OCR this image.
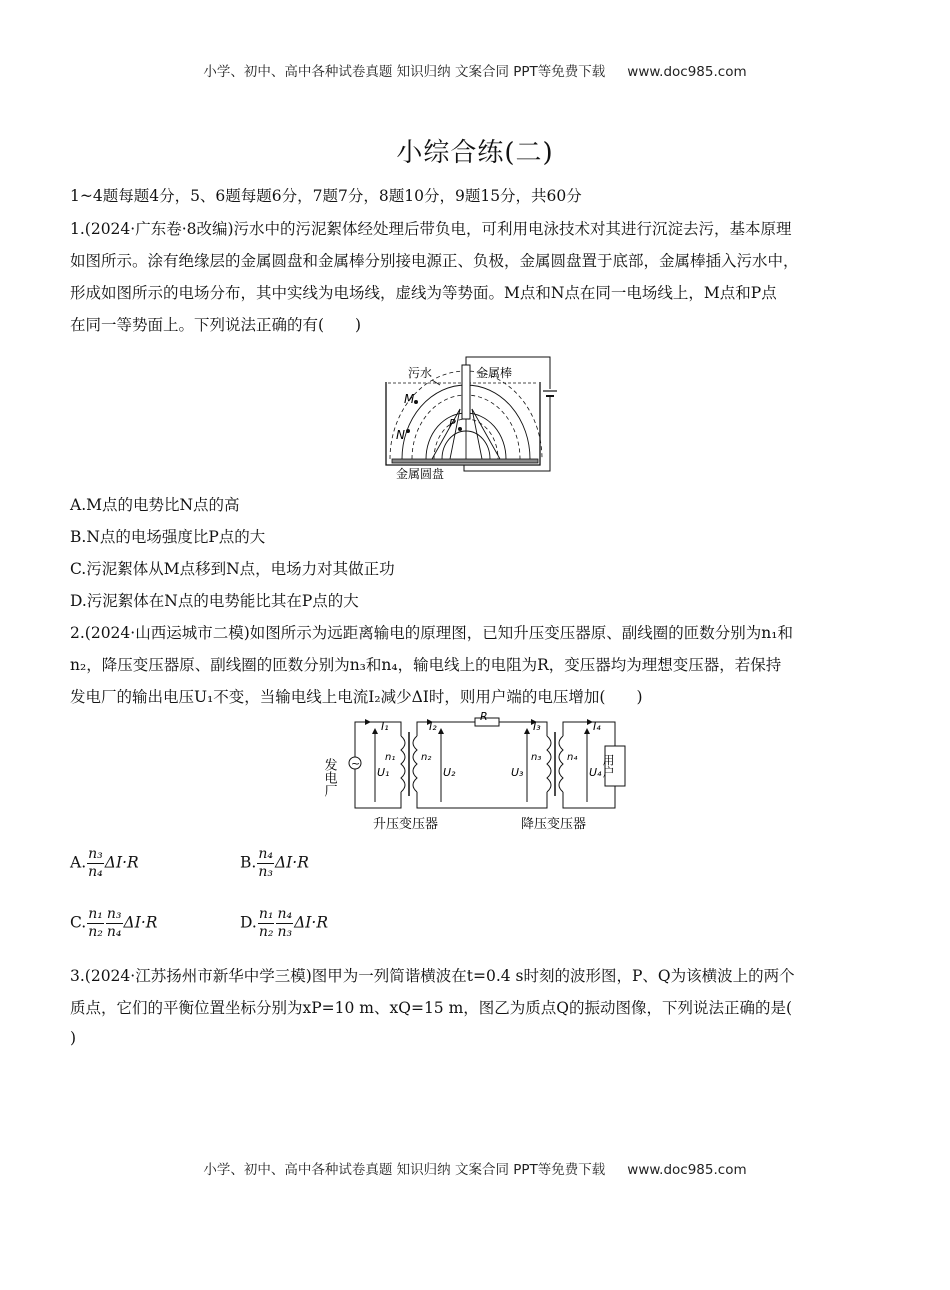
小学、初中、高中各种试卷真题 知识归纳 文案合同 PPT等免费下载 www.doc985.com
小综合练(二)
1~4题每题4分，5、6题每题6分，7题7分，8题10分，9题15分，共60分
1.(2024·广东卷·8改编)污水中的污泥絮体经处理后带负电，可利用电泳技术对其进行沉淀去污，基本原理
如图所示。涂有绝缘层的金属圆盘和金属棒分别接电源正、负极，金属圆盘置于底部，金属棒插入污水中，
形成如图所示的电场分布，其中实线为电场线，虚线为等势面。M点和N点在同一电场线上，M点和P点
在同一等势面上。下列说法正确的有(　　)
M
N
P
污水	金属棒
金属圆盘
A.M点的电势比N点的高
B.N点的电场强度比P点的大
C.污泥絮体从M点移到N点，电场力对其做正功
D.污泥絮体在N点的电势能比其在P点的大
2.(2024·山西运城市二模)如图所示为远距离输电的原理图，已知升压变压器原、副线圈的匝数分别为n₁和
n₂，降压变压器原、副线圈的匝数分别为n₃和n₄，输电线上的电阻为R，变压器均为理想变压器，若保持
发电厂的输出电压U₁不变，当输电线上电流I₂减少ΔI时，则用户端的电压增加(　　)
发电厂 ~	用户
R
I₁	I₂	I₃	I₄
U₁	U₂	U₃	U₄
n₁	n₂	n₃	n₄
升压变压器	降压变压器
A. $\frac{\text{n₃}}{\text{n₄}} \Delta I\cdot R$	B. $\frac{\text{n₄}}{\text{n₃}} \Delta I\cdot R$
C. $\frac{\text{n₁}}{\text{n₂}} \frac{\text{n₃}}{\text{n₄}} \Delta I\cdot R$	D. $\frac{\text{n₁}}{\text{n₂}} \frac{\text{n₄}}{\text{n₃}} \Delta I\cdot R$
3.(2024·江苏扬州市新华中学三模)图甲为一列简谐横波在t=0.4 s时刻的波形图，P、Q为该横波上的两个
质点，它们的平衡位置坐标分别为xP=10 m、xQ=15 m，图乙为质点Q的振动图像，下列说法正确的是(
)
小学、初中、高中各种试卷真题 知识归纳 文案合同 PPT等免费下载 www.doc985.com
